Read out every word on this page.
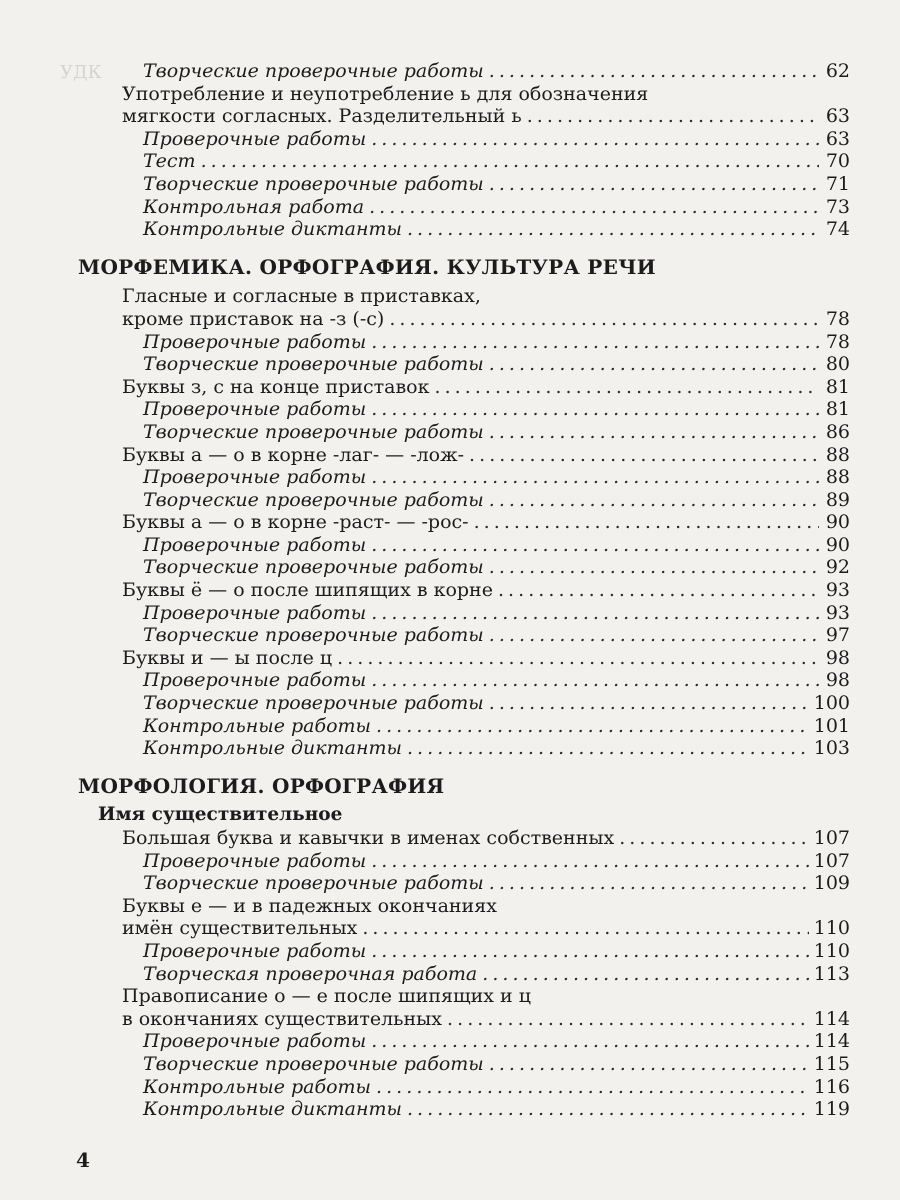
УДК Творческие проверочные работы . . .	62
Употребление и неупотребление ь для обозначения
мягкости согласных. Разделительный ь . . .	63
Проверочные работы . . .	63
Тест . . .	70
Творческие проверочные работы . . .	71
Контрольная работа . . .	73
Контрольные диктанты . . .	74
МОРФЕМИКА. ОРФОГРАФИЯ. КУЛЬТУРА РЕЧИ
Гласные и согласные в приставках,
кроме приставок на -з (-с) . . .	78
Проверочные работы . . .	78
Творческие проверочные работы . . .	80
Буквы з, с на конце приставок . . .	81
Проверочные работы . . .	81
Творческие проверочные работы . . .	86
Буквы а — о в корне -лаг- — -лож- . . .	88
Проверочные работы . . .	88
Творческие проверочные работы . . .	89
Буквы а — о в корне -раст- — -рос- . . .	90
Проверочные работы . . .	90
Творческие проверочные работы . . .	92
Буквы ё — о после шипящих в корне . . .	93
Проверочные работы . . .	93
Творческие проверочные работы . . .	97
Буквы и — ы после ц . . .	98
Проверочные работы . . .	98
Творческие проверочные работы . . .	100
Контрольные работы . . .	101
Контрольные диктанты . . .	103
МОРФОЛОГИЯ. ОРФОГРАФИЯ
Имя существительное
Большая буква и кавычки в именах собственных . . .	107
Проверочные работы . . .	107
Творческие проверочные работы . . .	109
Буквы е — и в падежных окончаниях
имён существительных . . .	110
Проверочные работы . . .	110
Творческая проверочная работа . . .	113
Правописание о — е после шипящих и ц
в окончаниях существительных . . .	114
Проверочные работы . . .	114
Творческие проверочные работы . . .	115
Контрольные работы . . .	116
Контрольные диктанты . . .	119
4
